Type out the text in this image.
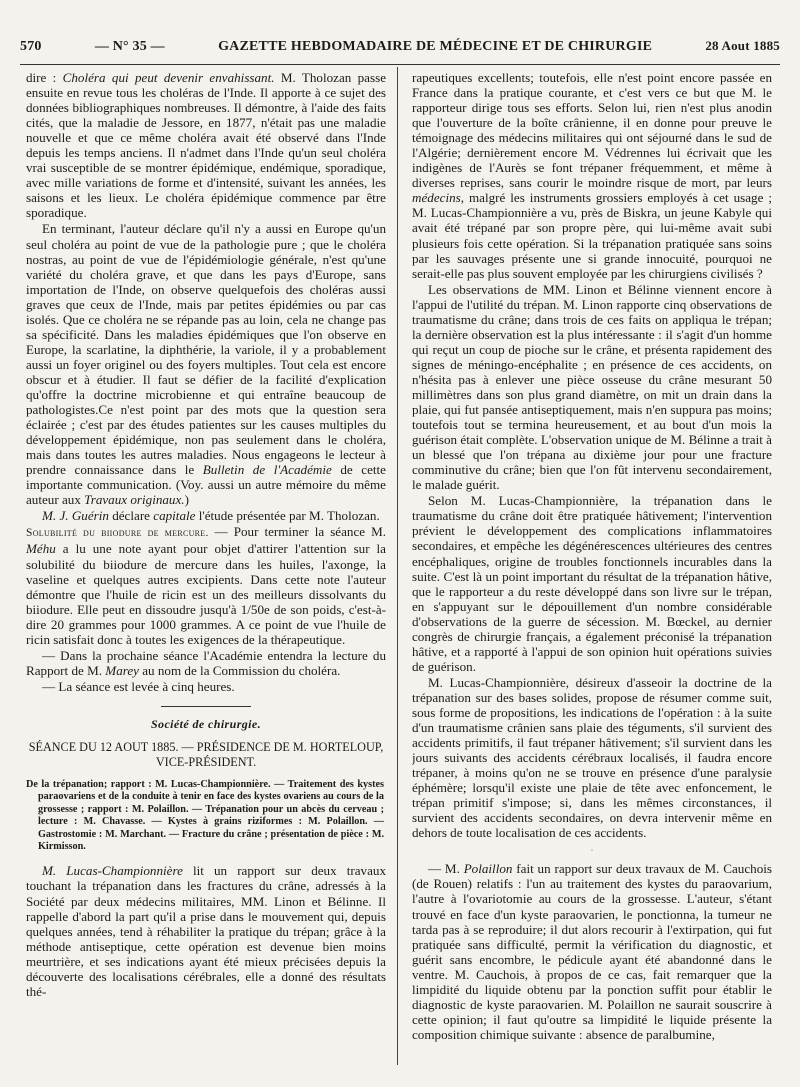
570	— N° 35 —	GAZETTE HEBDOMADAIRE DE MÉDECINE ET DE CHIRURGIE	28 Aout 1885

dire : Choléra qui peut devenir envahissant. M. Tholozan passe ensuite en revue tous les choléras de l'Inde. Il apporte à ce sujet des données bibliographiques nombreuses. Il démontre, à l'aide des faits cités, que la maladie de Jessore, en 1877, n'était pas une maladie nouvelle et que ce même choléra avait été observé dans l'Inde depuis les temps anciens. Il n'admet dans l'Inde qu'un seul choléra vrai susceptible de se montrer épidémique, endémique, sporadique, avec mille variations de forme et d'intensité, suivant les années, les saisons et les lieux. Le choléra épidémique commence par être sporadique.

En terminant, l'auteur déclare qu'il n'y a aussi en Europe qu'un seul choléra au point de vue de la pathologie pure ; que le choléra nostras, au point de vue de l'épidémiologie générale, n'est qu'une variété du choléra grave, et que dans les pays d'Europe, sans importation de l'Inde, on observe quelquefois des choléras aussi graves que ceux de l'Inde, mais par petites épidémies ou par cas isolés. Que ce choléra ne se répande pas au loin, cela ne change pas sa spécificité. Dans les maladies épidémiques que l'on observe en Europe, la scarlatine, la diphthérie, la variole, il y a probablement aussi un foyer originel ou des foyers multiples. Tout cela est encore obscur et à étudier. Il faut se défier de la facilité d'explication qu'offre la doctrine microbienne et qui entraîne beaucoup de pathologistes.Ce n'est point par des mots que la question sera éclairée ; c'est par des études patientes sur les causes multiples du développement épidémique, non pas seulement dans le choléra, mais dans toutes les autres maladies. Nous engageons le lecteur à prendre connaissance dans le Bulletin de l'Académie de cette importante communication. (Voy. aussi un autre mémoire du même auteur aux Travaux originaux.)

M. J. Guérin déclare capitale l'étude présentée par M. Tholozan.

Solubilité du biiodure de mercure. — Pour terminer la séance M. Méhu a lu une note ayant pour objet d'attirer l'attention sur la solubilité du biiodure de mercure dans les huiles, l'axonge, la vaseline et quelques autres excipients. Dans cette note l'auteur démontre que l'huile de ricin est un des meilleurs dissolvants du biiodure. Elle peut en dissoudre jusqu'à 1/50e de son poids, c'est-à-dire 20 grammes pour 1000 grammes. A ce point de vue l'huile de ricin satisfait donc à toutes les exigences de la thérapeutique.

— Dans la prochaine séance l'Académie entendra la lecture du Rapport de M. Marey au nom de la Commission du choléra.

— La séance est levée à cinq heures.

Société de chirurgie.
SÉANCE DU 12 AOUT 1885. — PRÉSIDENCE DE M. HORTELOUP,
VICE-PRÉSIDENT.
De la trépanation; rapport : M. Lucas-Championnière. — Traitement des kystes paraovariens et de la conduite à tenir en face des kystes ovariens au cours de la grossesse ; rapport : M. Polaillon. — Trépanation pour un abcès du cerveau ; lecture : M. Chavasse. — Kystes à grains riziformes : M. Polaillon. — Gastrostomie : M. Marchant. — Fracture du crâne ; présentation de pièce : M. Kirmisson.

M. Lucas-Championnière lit un rapport sur deux travaux touchant la trépanation dans les fractures du crâne, adressés à la Société par deux médecins militaires, MM. Linon et Bélinne. Il rappelle d'abord la part qu'il a prise dans le mouvement qui, depuis quelques années, tend à réhabiliter la pratique du trépan; grâce à la méthode antiseptique, cette opération est devenue bien moins meurtrière, et ses indications ayant été mieux précisées depuis la découverte des localisations cérébrales, elle a donné des résultats thé-

rapeutiques excellents; toutefois, elle n'est point encore passée en France dans la pratique courante, et c'est vers ce but que M. le rapporteur dirige tous ses efforts. Selon lui, rien n'est plus anodin que l'ouverture de la boîte crânienne, il en donne pour preuve le témoignage des médecins militaires qui ont séjourné dans le sud de l'Algérie; dernièrement encore M. Védrennes lui écrivait que les indigènes de l'Aurès se font trépaner fréquemment, et même à diverses reprises, sans courir le moindre risque de mort, par leurs médecins, malgré les instruments grossiers employés à cet usage ; M. Lucas-Championnière a vu, près de Biskra, un jeune Kabyle qui avait été trépané par son propre père, qui lui-même avait subi plusieurs fois cette opération. Si la trépanation pratiquée sans soins par les sauvages présente une si grande innocuité, pourquoi ne serait-elle pas plus souvent employée par les chirurgiens civilisés ?

Les observations de MM. Linon et Bélinne viennent encore à l'appui de l'utilité du trépan. M. Linon rapporte cinq observations de traumatisme du crâne; dans trois de ces faits on appliqua le trépan; la dernière observation est la plus intéressante : il s'agit d'un homme qui reçut un coup de pioche sur le crâne, et présenta rapidement des signes de méningo-encéphalite ; en présence de ces accidents, on n'hésita pas à enlever une pièce osseuse du crâne mesurant 50 millimètres dans son plus grand diamètre, on mit un drain dans la plaie, qui fut pansée antiseptiquement, mais n'en suppura pas moins; toutefois tout se termina heureusement, et au bout d'un mois la guérison était complète. L'observation unique de M. Bélinne a trait à un blessé que l'on trépana au dixième jour pour une fracture comminutive du crâne; bien que l'on fût intervenu secondairement, le malade guérit.

Selon M. Lucas-Championnière, la trépanation dans le traumatisme du crâne doit être pratiquée hâtivement; l'intervention prévient le développement des complications inflammatoires secondaires, et empêche les dégénérescences ultérieures des centres encéphaliques, origine de troubles fonctionnels incurables dans la suite. C'est là un point important du résultat de la trépanation hâtive, que le rapporteur a du reste développé dans son livre sur le trépan, en s'appuyant sur le dépouillement d'un nombre considérable d'observations de la guerre de sécession. M. Bœckel, au dernier congrès de chirurgie français, a également préconisé la trépanation hâtive, et a rapporté à l'appui de son opinion huit opérations suivies de guérison.

M. Lucas-Championnière, désireux d'asseoir la doctrine de la trépanation sur des bases solides, propose de résumer comme suit, sous forme de propositions, les indications de l'opération : à la suite d'un traumatisme crânien sans plaie des téguments, s'il survient des accidents primitifs, il faut trépaner hâtivement; s'il survient dans les jours suivants des accidents cérébraux localisés, il faudra encore trépaner, à moins qu'on ne se trouve en présence d'une paralysie éphémère; lorsqu'il existe une plaie de tête avec enfoncement, le trépan primitif s'impose; si, dans les mêmes circonstances, il survient des accidents secondaires, on devra intervenir même en dehors de toute localisation de ces accidents.

·

— M. Polaillon fait un rapport sur deux travaux de M. Cauchois (de Rouen) relatifs : l'un au traitement des kystes du paraovarium, l'autre à l'ovariotomie au cours de la grossesse. L'auteur, s'étant trouvé en face d'un kyste paraovarien, le ponctionna, la tumeur ne tarda pas à se reproduire; il dut alors recourir à l'extirpation, qui fut pratiquée sans difficulté, permit la vérification du diagnostic, et guérit sans encombre, le pédicule ayant été abandonné dans le ventre. M. Cauchois, à propos de ce cas, fait remarquer que la limpidité du liquide obtenu par la ponction suffit pour établir le diagnostic de kyste paraovarien. M. Polaillon ne saurait souscrire à cette opinion; il faut qu'outre sa limpidité le liquide présente la composition chimique suivante : absence de paralbumine,
